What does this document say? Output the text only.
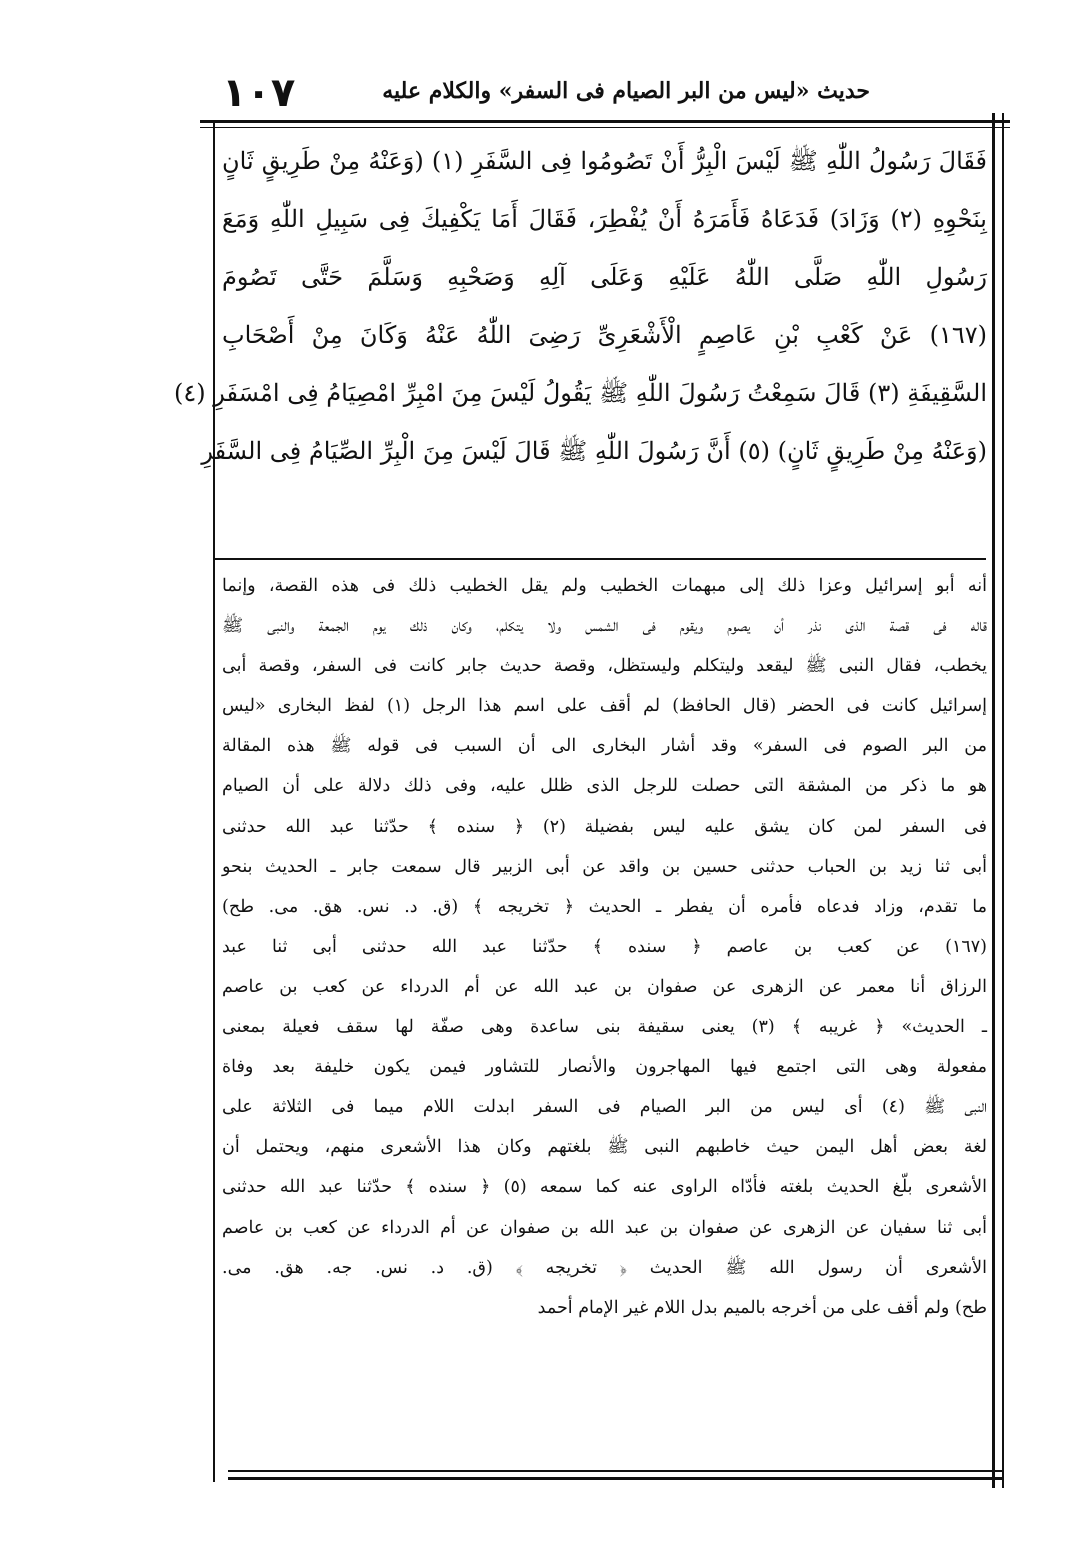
١٠٧	حديث «ليس من البر الصيام فى السفر» والكلام عليه
فَقَالَ رَسُولُ اللّٰهِ ﷺ لَيْسَ الْبِرُّ أَنْ تَصُومُوا فِى السَّفَرِ (١) (وَعَنْهُ مِنْ طَرِيقٍ ثَانٍ
بِنَحْوِهِ (٢) وَزَادَ) فَدَعَاهُ فَأَمَرَهُ أَنْ يُفْطِرَ، فَقَالَ أَمَا يَكْفِيكَ فِى سَبِيلِ اللّٰهِ وَمَعَ
رَسُولِ اللّٰهِ صَلَّى اللّٰهُ عَلَيْهِ وَعَلَى آلِهِ وَصَحْبِهِ وَسَلَّمَ حَتَّى تَصُومَ
(١٦٧) عَنْ كَعْبِ بْنِ عَاصِمٍ الْأَشْعَرِىِّ رَضِىَ اللّٰهُ عَنْهُ وَكَانَ مِنْ أَصْحَابِ
السَّقِيفَةِ (٣) قَالَ سَمِعْتُ رَسُولَ اللّٰهِ ﷺ يَقُولُ لَيْسَ مِنَ امْبِرِّ امْصِيَامُ فِى امْسَفَرِ (٤)
(وَعَنْهُ مِنْ طَرِيقٍ ثَانٍ) (٥) أَنَّ رَسُولَ اللّٰهِ ﷺ قَالَ لَيْسَ مِنَ الْبِرِّ الصِّيَامُ فِى السَّفَرِ
أنه أبو إسرائيل وعزا ذلك إلى مبهمات الخطيب ولم يقل الخطيب ذلك فى هذه القصة، وإنما
قاله فى قصة الذى نذر أن يصوم ويقوم فى الشمس ولا يتكلم، وكان ذلك يوم الجمعة والنبى ﷺ
يخطب، فقال النبى ﷺ ليقعد وليتكلم وليستظل، وقصة حديث جابر كانت فى السفر، وقصة أبى
إسرائيل كانت فى الحضر (قال الحافظ) لم أقف على اسم هذا الرجل (١) لفظ البخارى «ليس
من البر الصوم فى السفر» وقد أشار البخارى الى أن السبب فى قوله ﷺ هذه المقالة
هو ما ذكر من المشقة التى حصلت للرجل الذى ظلل عليه، وفى ذلك دلالة على أن الصيام
فى السفر لمن كان يشق عليه ليس بفضيلة (٢) ﴿ سنده ﴾ حدّثنا عبد الله حدثنى
أبى ثنا زيد بن الحباب حدثنى حسين بن واقد عن أبى الزبير قال سمعت جابر ـ الحديث بنحو
ما تقدم، وزاد فدعاه فأمره أن يفطر ـ الحديث ﴿ تخريجه ﴾ (ق. د. نس. هق. مى. طح)
(١٦٧) عن كعب بن عاصم ﴿ سنده ﴾ حدّثنا عبد الله حدثنى أبى ثنا عبد
الرزاق أنا معمر عن الزهرى عن صفوان بن عبد الله عن أم الدرداء عن كعب بن عاصم
ـ الحديث» ﴿ غريبه ﴾ (٣) يعنى سقيفة بنى ساعدة وهى صفّة لها سقف فعيلة بمعنى
مفعولة وهى التى اجتمع فيها المهاجرون والأنصار للتشاور فيمن يكون خليفة بعد وفاة
النبى ﷺ (٤) أى ليس من البر الصيام فى السفر ابدلت اللام ميما فى الثلاثة على
لغة بعض أهل اليمن حيث خاطبهم النبى ﷺ بلغتهم وكان هذا الأشعرى منهم، ويحتمل أن
الأشعرى بلّغ الحديث بلغته فأدّاه الراوى عنه كما سمعه (٥) ﴿ سنده ﴾ حدّثنا عبد الله حدثنى
أبى ثنا سفيان عن الزهرى عن صفوان بن عبد الله بن صفوان عن أم الدرداء عن كعب بن عاصم
الأشعرى أن رسول الله ﷺ الحديث ﴿ تخريجه ﴾ (ق. د. نس. جه. هق. مى.
طح) ولم أقف على من أخرجه بالميم بدل اللام غير الإمام أحمد
